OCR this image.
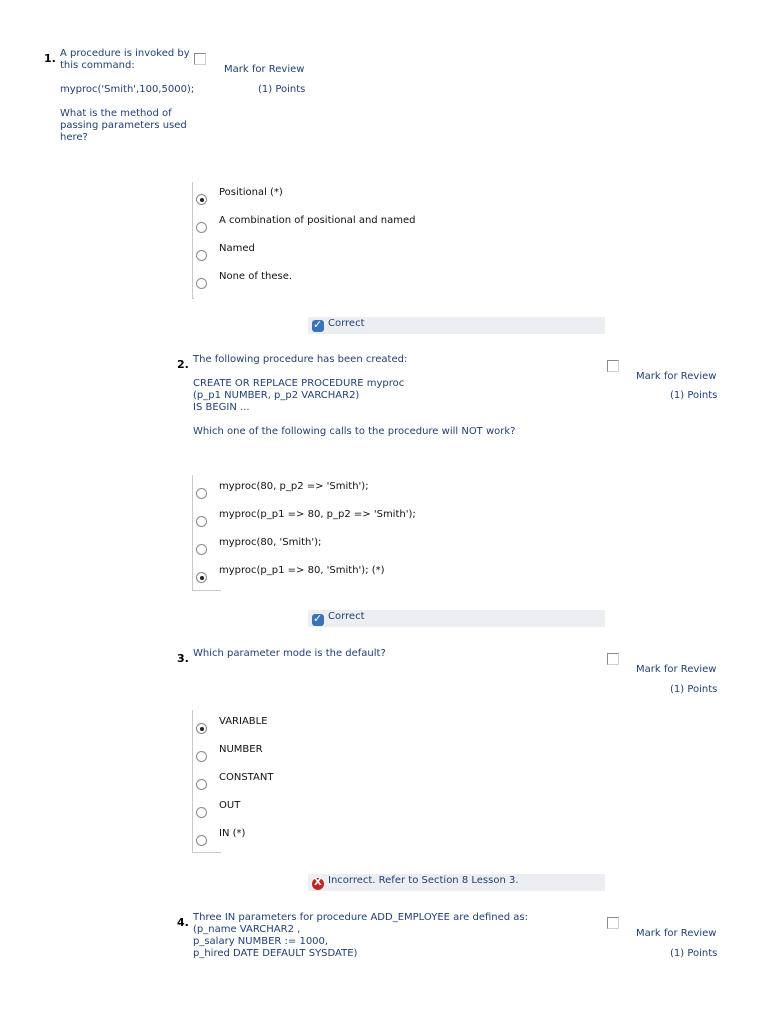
1. A procedure is invoked by
this command:

myproc('Smith',100,5000);

What is the method of
passing parameters used
here?
Mark for Review
(1) Points
Positional (*)
A combination of positional and named
Named
None of these.
✓
Correct
2. The following procedure has been created:

CREATE OR REPLACE PROCEDURE myproc
(p_p1 NUMBER, p_p2 VARCHAR2)
IS BEGIN ...

Which one of the following calls to the procedure will NOT work?
Mark for Review
(1) Points
myproc(80, p_p2 => 'Smith');
myproc(p_p1 => 80, p_p2 => 'Smith');
myproc(80, 'Smith');
myproc(p_p1 => 80, 'Smith'); (*)
✓
Correct
3. Which parameter mode is the default?
Mark for Review
(1) Points
VARIABLE
NUMBER
CONSTANT
OUT
IN (*)
X
Incorrect. Refer to Section 8 Lesson 3.
4. Three IN parameters for procedure ADD_EMPLOYEE are defined as:
(p_name VARCHAR2 ,
p_salary NUMBER := 1000,
p_hired DATE DEFAULT SYSDATE)
Mark for Review
(1) Points
